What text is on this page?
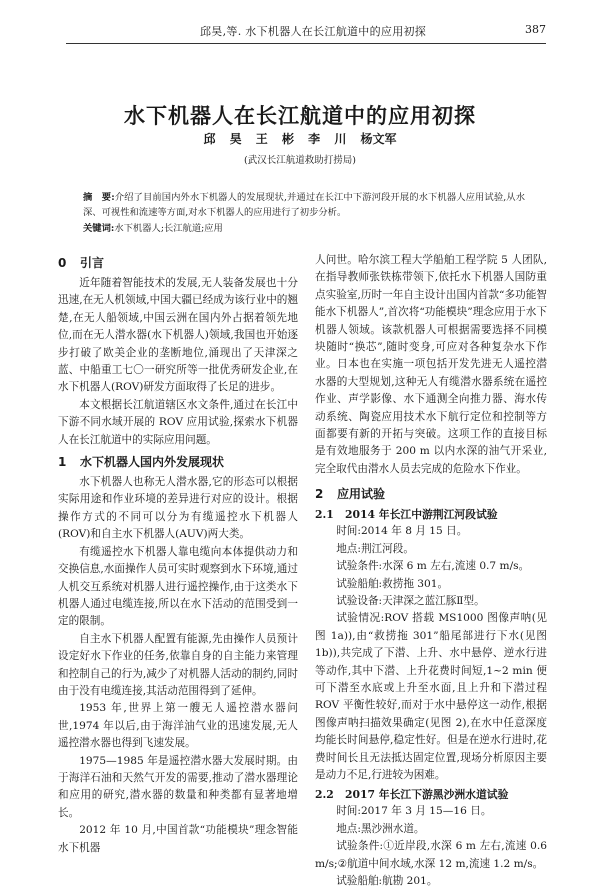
邱昊,等. 水下机器人在长江航道中的应用初探	387
水下机器人在长江航道中的应用初探
邱 昊 王 彬 李 川 杨文军
(武汉长江航道救助打捞局)
摘　要:介绍了目前国内外水下机器人的发展现状,并通过在长江中下游河段开展的水下机器人应用试验,从水深、可视性和流速等方面,对水下机器人的应用进行了初步分析。
关键词:水下机器人;长江航道;应用
0 引言

近年随着智能技术的发展,无人装备发展也十分迅速,在无人机领域,中国大疆已经成为该行业中的翘楚,在无人船领域,中国云洲在国内外占据着领先地位,而在无人潜水器(水下机器人)领域,我国也开始逐步打破了欧美企业的垄断地位,涌现出了天津深之蓝、中船重工七〇一研究所等一批优秀研发企业,在水下机器人(ROV)研发方面取得了长足的进步。

本文根据长江航道辖区水文条件,通过在长江中下游不同水域开展的 ROV 应用试验,探索水下机器人在长江航道中的实际应用问题。

1 水下机器人国内外发展现状

水下机器人也称无人潜水器,它的形态可以根据实际用途和作业环境的差异进行对应的设计。根据操作方式的不同可以分为有缆遥控水下机器人(ROV)和自主水下机器人(AUV)两大类。

有缆遥控水下机器人靠电缆向本体提供动力和交换信息,水面操作人员可实时观察到水下环境,通过人机交互系统对机器人进行遥控操作,由于这类水下机器人通过电缆连接,所以在水下活动的范围受到一定的限制。

自主水下机器人配置有能源,先由操作人员预计设定好水下作业的任务,依靠自身的自主能力来管理和控制自己的行为,减少了对机器人活动的制约,同时由于没有电缆连接,其活动范围得到了延伸。

1953 年,世界上第一艘无人遥控潜水器问世,1974 年以后,由于海洋油气业的迅速发展,无人遥控潜水器也得到飞速发展。

1975—1985 年是遥控潜水器大发展时期。由于海洋石油和天然气开发的需要,推动了潜水器理论和应用的研究,潜水器的数量和种类都有显著地增长。

2012 年 10 月,中国首款“功能模块”理念智能水下机器

人问世。哈尔滨工程大学船舶工程学院 5 人团队,在指导教师张铁栋带领下,依托水下机器人国防重点实验室,历时一年自主设计出国内首款“多功能智能水下机器人”,首次将“功能模块”理念应用于水下机器人领域。该款机器人可根据需要选择不同模块随时“换芯”,随时变身,可应对各种复杂水下作业。日本也在实施一项包括开发先进无人遥控潜水器的大型规划,这种无人有缆潜水器系统在遥控作业、声学影像、水下通测全向推力器、海水传动系统、陶瓷应用技术水下航行定位和控制等方面都要有新的开拓与突破。这项工作的直接目标是有效地服务于 200 m 以内水深的油气开采业,完全取代由潜水人员去完成的危险水下作业。

2 应用试验
2.1 2014 年长江中游荆江河段试验

时间:2014 年 8 月 15 日。

地点:荆江河段。

试验条件:水深 6 m 左右,流速 0.7 m/s。

试验船舶:救捞拖 301。

试验设备:天津深之蓝江豚Ⅱ型。

试验情况:ROV 搭载 MS1000 图像声呐(见图 1a)),由“救捞拖 301”船尾部进行下水(见图 1b)),共完成了下潜、上升、水中悬停、逆水行进等动作,其中下潜、上升花费时间短,1~2 min 便可下潜至水底或上升至水面,且上升和下潜过程 ROV 平衡性较好,而对于水中悬停这一动作,根据图像声呐扫描效果确定(见图 2),在水中任意深度均能长时间悬停,稳定性好。但是在逆水行进时,花费时间长且无法抵达固定位置,现场分析原因主要是动力不足,行进较为困难。

2.2 2017 年长江下游黑沙洲水道试验

时间:2017 年 3 月 15—16 日。

地点:黑沙洲水道。

试验条件:①近岸段,水深 6 m 左右,流速 0.6 m/s;②航道中间水域,水深 12 m,流速 1.2 m/s。

试验船舶:航勘 201。
